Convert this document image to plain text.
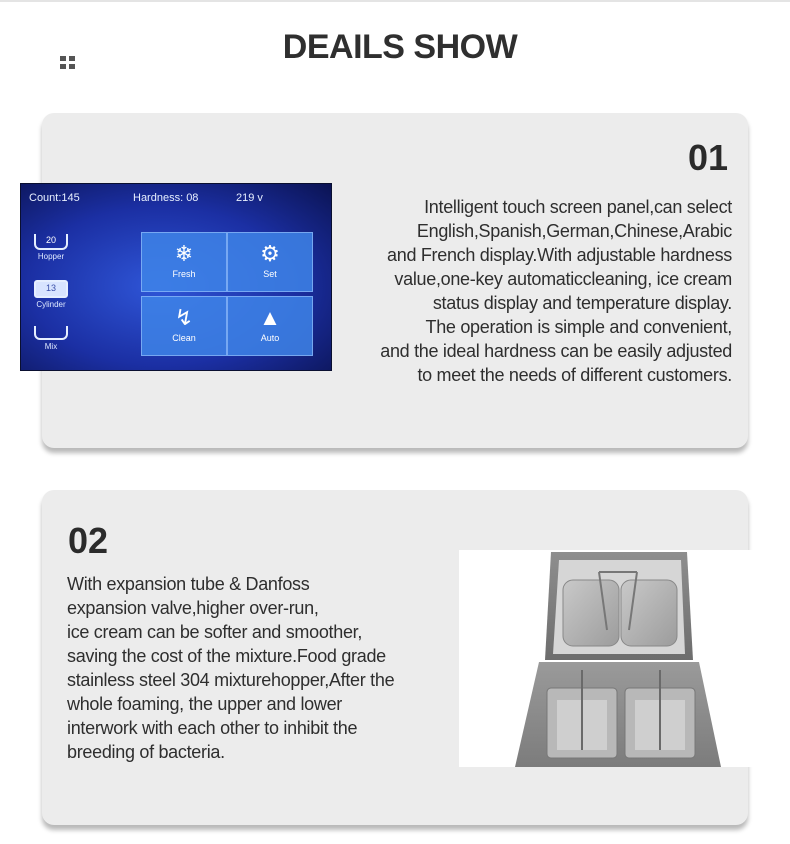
DEAILS SHOW
01
Intelligent touch screen panel,can select
English,Spanish,German,Chinese,Arabic
and French display.With adjustable hardness
value,one-key automaticcleaning, ice cream
status display and temperature display.
The operation is simple and convenient,
and the ideal hardness can be easily adjusted
to meet the needs of different customers.
Count:145	Hardness: 08	219 v
20
Hopper
13
Cylinder
Mix
❄
Fresh
⚙
Set
↯
Clean
▲
Auto
02
With expansion tube & Danfoss
expansion valve,higher over-run,
ice cream can be softer and smoother,
saving the cost of the mixture.Food grade
stainless steel 304 mixturehopper,After the
whole foaming, the upper and lower
interwork with each other to inhibit the
breeding of bacteria.
